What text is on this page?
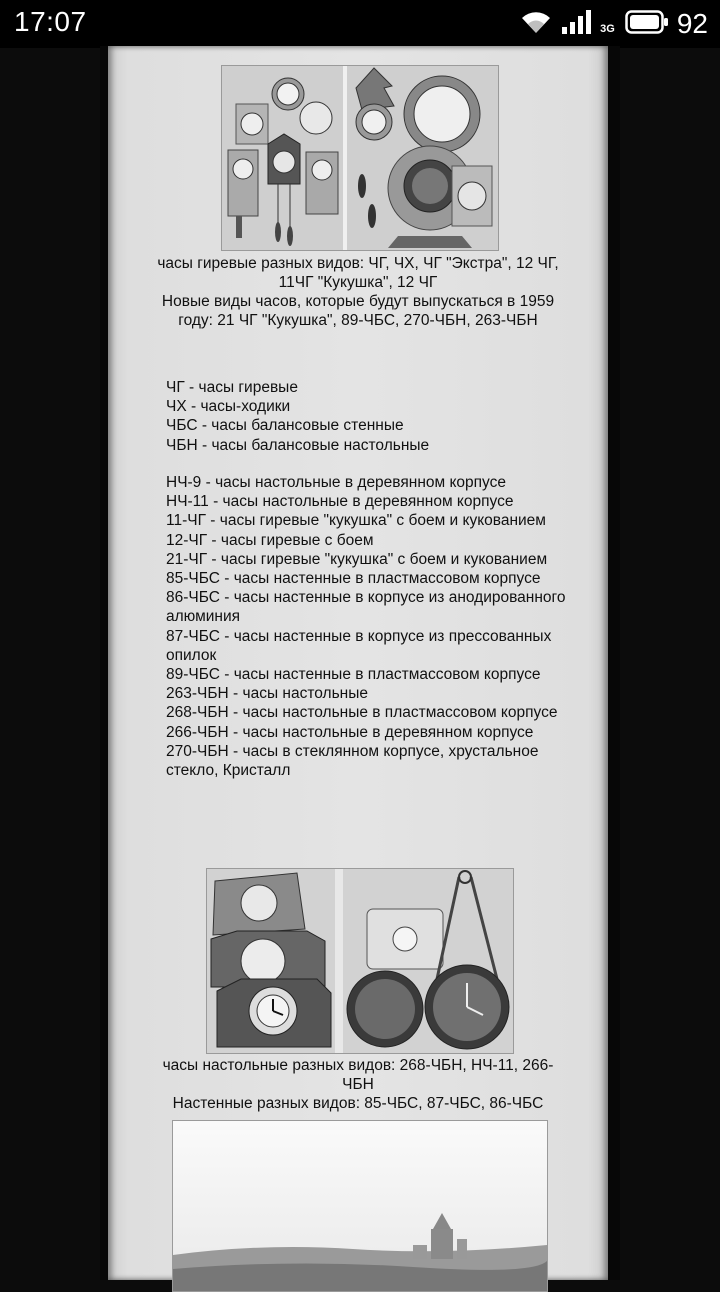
17:07	3G 92
часы гиревые разных видов: ЧГ, ЧХ, ЧГ "Экстра", 12 ЧГ, 11ЧГ "Кукушка", 12 ЧГ
Новые виды часов, которые будут выпускаться в 1959 году: 21 ЧГ "Кукушка", 89-ЧБС, 270-ЧБН, 263-ЧБН
ЧГ - часы гиревые
ЧХ - часы-ходики
ЧБС - часы балансовые стенные
ЧБН - часы балансовые настольные
НЧ-9 - часы настольные в деревянном корпусе
НЧ-11 - часы настольные в деревянном корпусе
11-ЧГ - часы гиревые "кукушка" с боем и кукованием
12-ЧГ - часы гиревые с боем
21-ЧГ - часы гиревые "кукушка" с боем и кукованием
85-ЧБС - часы настенные в пластмассовом корпусе
86-ЧБС - часы настенные в корпусе из анодированного алюминия
87-ЧБС - часы настенные в корпусе из прессованных опилок
89-ЧБС - часы настенные в пластмассовом корпусе
263-ЧБН - часы настольные
268-ЧБН - часы настольные в пластмассовом корпусе
266-ЧБН - часы настольные в деревянном корпусе
270-ЧБН - часы в стеклянном корпусе, хрустальное стекло, Кристалл
часы настольные разных видов: 268-ЧБН, НЧ-11, 266-ЧБН
Настенные разных видов: 85-ЧБС, 87-ЧБС, 86-ЧБС
